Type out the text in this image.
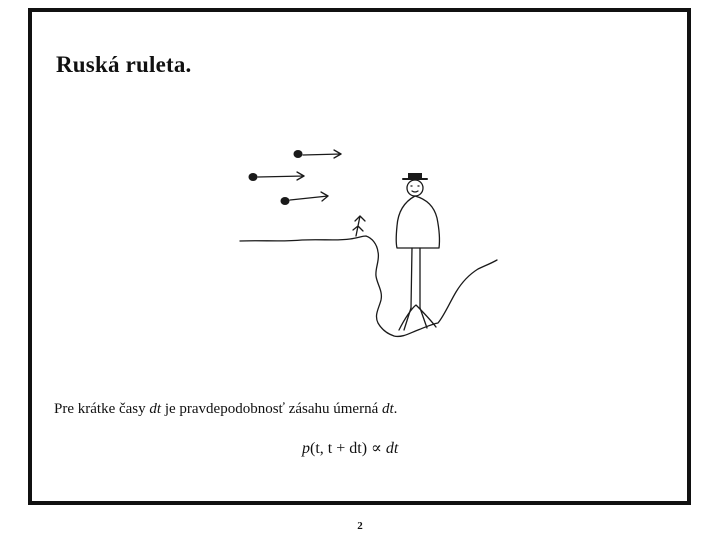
Ruská ruleta.

Pre krátke časy dt je pravdepodobnosť zásahu úmerná dt.

p(t, t + dt) ∝ dt
2
